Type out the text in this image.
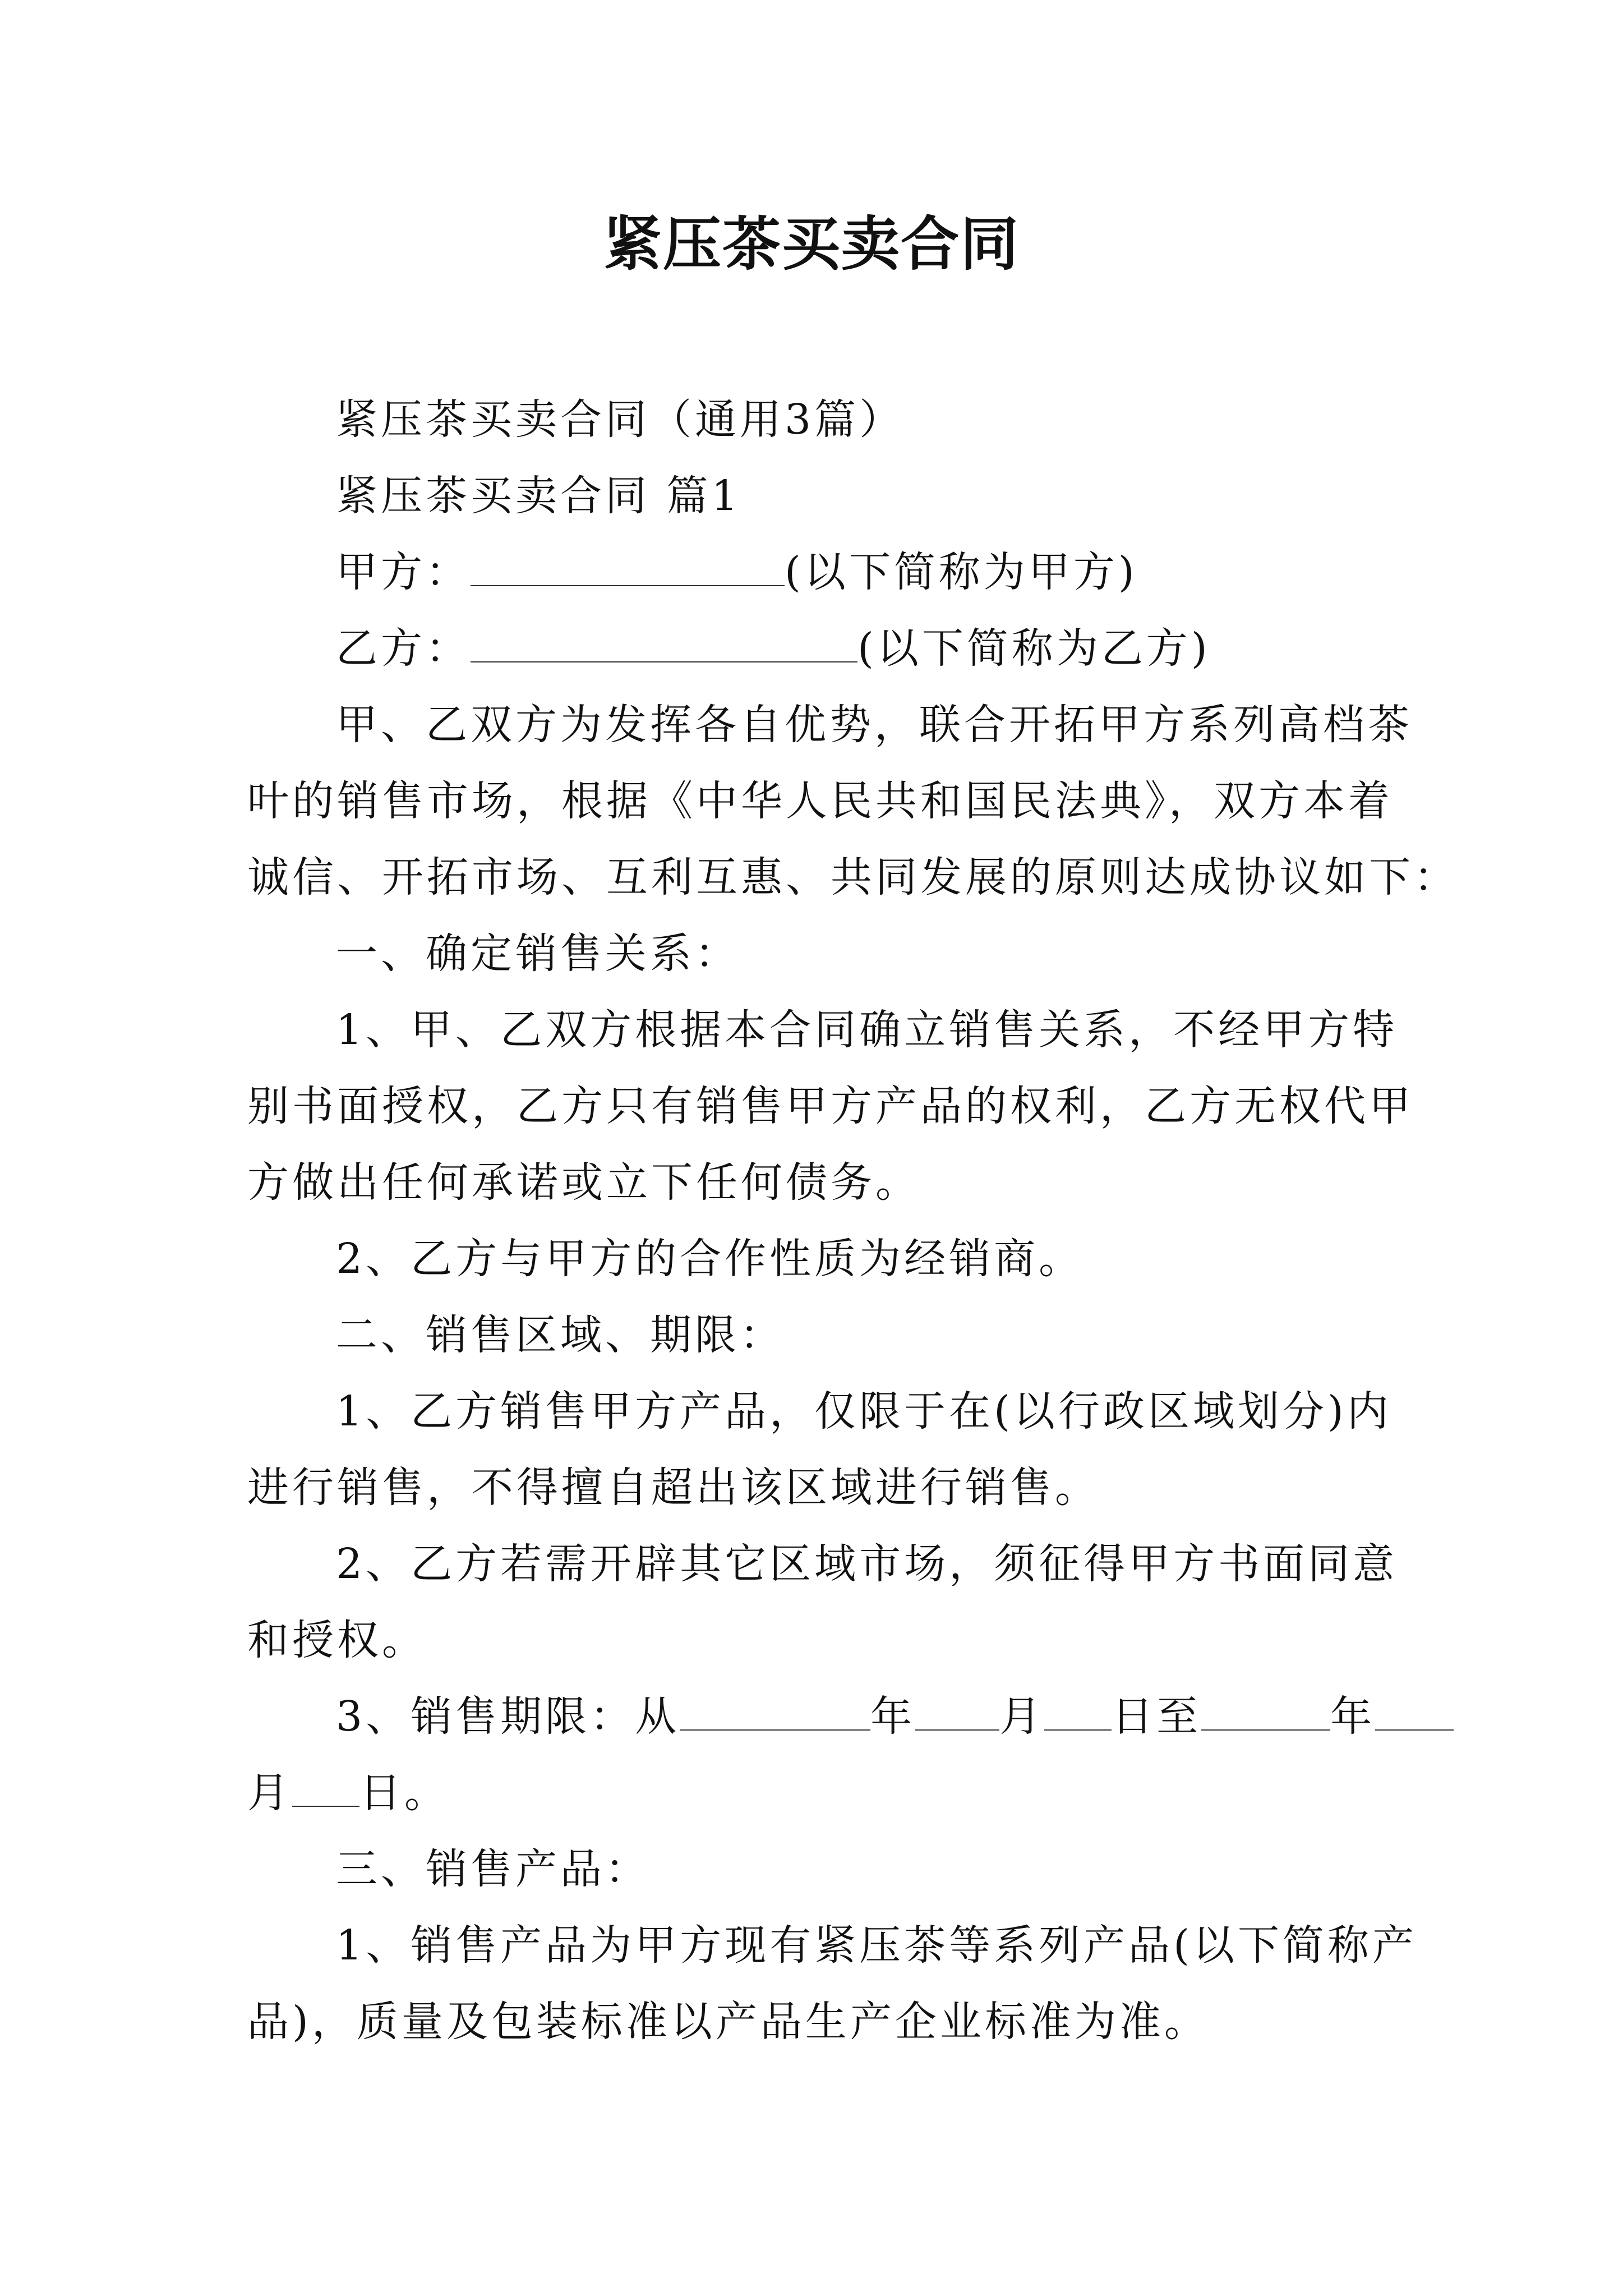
紧压茶买卖合同
紧压茶买卖合同（通用3篇）
紧压茶买卖合同 篇1
甲方：	(以下简称为甲方)
乙方：	(以下简称为乙方)
甲、乙双方为发挥各自优势，联合开拓甲方系列高档茶
叶的销售市场，根据《中华人民共和国民法典》，双方本着
诚信、开拓市场、互利互惠、共同发展的原则达成协议如下：
一、确定销售关系：
1、甲、乙双方根据本合同确立销售关系，不经甲方特
别书面授权，乙方只有销售甲方产品的权利，乙方无权代甲
方做出任何承诺或立下任何债务。
2、乙方与甲方的合作性质为经销商。
二、销售区域、期限：
1、乙方销售甲方产品，仅限于在(以行政区域划分)内
进行销售，不得擅自超出该区域进行销售。
2、乙方若需开辟其它区域市场，须征得甲方书面同意
和授权。
3、销售期限：从	年 月 日至	年
月 日。
三、销售产品：
1、销售产品为甲方现有紧压茶等系列产品(以下简称产
品)，质量及包装标准以产品生产企业标准为准。
